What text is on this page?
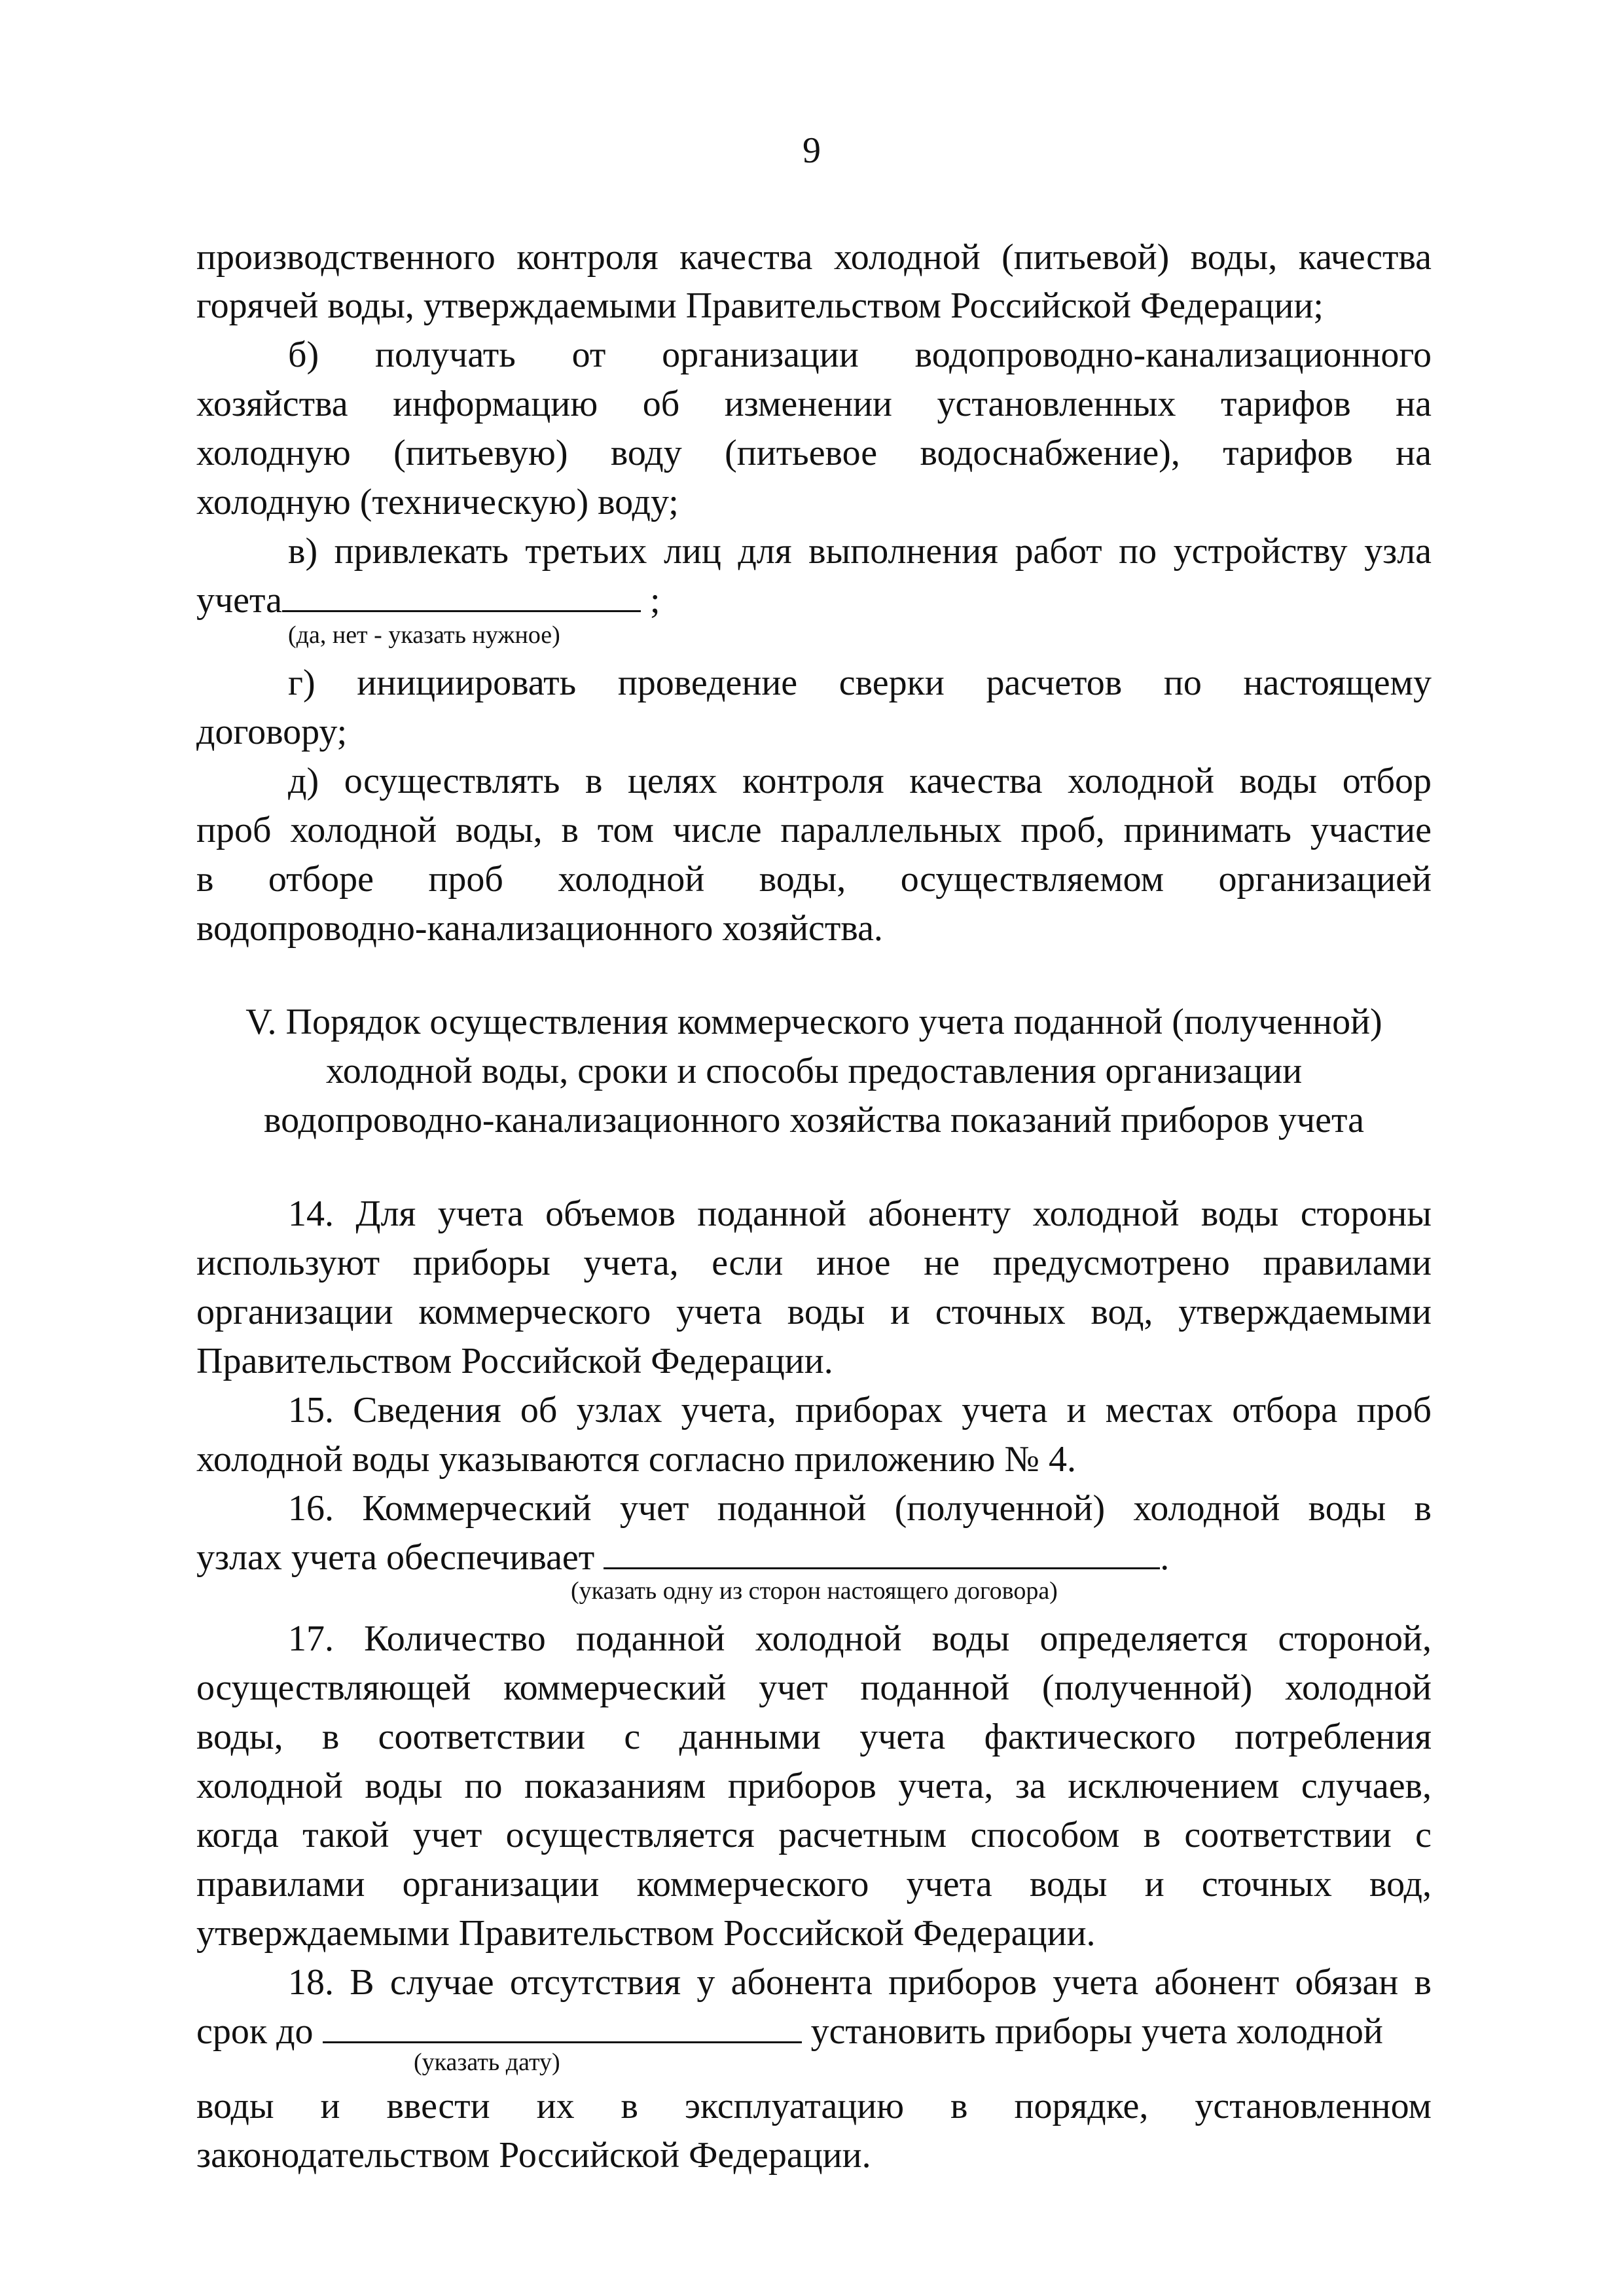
9
производственного контроля качества холодной (питьевой) воды, качества
горячей воды, утверждаемыми Правительством Российской Федерации;
б) получать от организации водопроводно-канализационного
хозяйства информацию об изменении установленных тарифов на
холодную (питьевую) воду (питьевое водоснабжение), тарифов на
холодную (техническую) воду;
в) привлекать третьих лиц для выполнения работ по устройству узла
учета	;
(да, нет - указать нужное)
г) инициировать проведение сверки расчетов по настоящему
договору;
д) осуществлять в целях контроля качества холодной воды отбор
проб холодной воды, в том числе параллельных проб, принимать участие
в отборе проб холодной воды, осуществляемом организацией
водопроводно-канализационного хозяйства.
V. Порядок осуществления коммерческого учета поданной (полученной)
холодной воды, сроки и способы предоставления организации
водопроводно-канализационного хозяйства показаний приборов учета
14. Для учета объемов поданной абоненту холодной воды стороны
используют приборы учета, если иное не предусмотрено правилами
организации коммерческого учета воды и сточных вод, утверждаемыми
Правительством Российской Федерации.
15. Сведения об узлах учета, приборах учета и местах отбора проб
холодной воды указываются согласно приложению № 4.
16. Коммерческий учет поданной (полученной) холодной воды в
узлах учета обеспечивает	.
(указать одну из сторон настоящего договора)
17. Количество поданной холодной воды определяется стороной,
осуществляющей коммерческий учет поданной (полученной) холодной
воды, в соответствии с данными учета фактического потребления
холодной воды по показаниям приборов учета, за исключением случаев,
когда такой учет осуществляется расчетным способом в соответствии с
правилами организации коммерческого учета воды и сточных вод,
утверждаемыми Правительством Российской Федерации.
18. В случае отсутствия у абонента приборов учета абонент обязан в
срок до	установить приборы учета холодной
(указать дату)
воды и ввести их в эксплуатацию в порядке, установленном
законодательством Российской Федерации.
